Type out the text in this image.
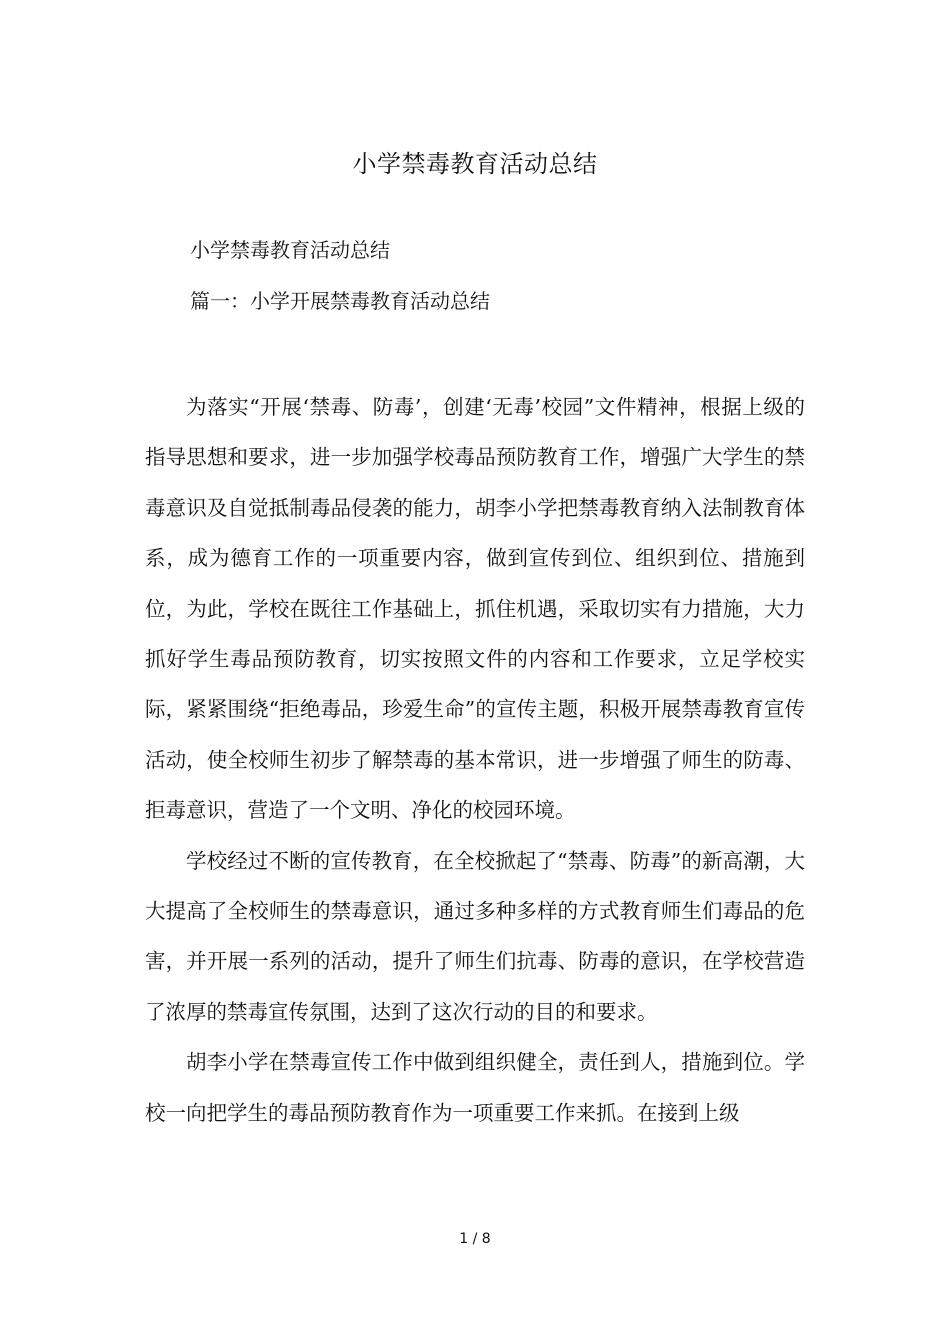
小学禁毒教育活动总结
小学禁毒教育活动总结
篇一：小学开展禁毒教育活动总结

为落实“开展‘禁毒、防毒’，创建‘无毒’校园”文件精神，根据上级的指导思想和要求，进一步加强学校毒品预防教育工作，增强广大学生的禁毒意识及自觉抵制毒品侵袭的能力，胡李小学把禁毒教育纳入法制教育体系，成为德育工作的一项重要内容，做到宣传到位、组织到位、措施到位，为此，学校在既往工作基础上，抓住机遇，采取切实有力措施，大力抓好学生毒品预防教育，切实按照文件的内容和工作要求，立足学校实际，紧紧围绕“拒绝毒品，珍爱生命”的宣传主题，积极开展禁毒教育宣传活动，使全校师生初步了解禁毒的基本常识，进一步增强了师生的防毒、拒毒意识，营造了一个文明、净化的校园环境。

学校经过不断的宣传教育，在全校掀起了“禁毒、防毒”的新高潮，大大提高了全校师生的禁毒意识，通过多种多样的方式教育师生们毒品的危害，并开展一系列的活动，提升了师生们抗毒、防毒的意识，在学校营造了浓厚的禁毒宣传氛围，达到了这次行动的目的和要求。

胡李小学在禁毒宣传工作中做到组织健全，责任到人，措施到位。学校一向把学生的毒品预防教育作为一项重要工作来抓。在接到上级

1 / 8
